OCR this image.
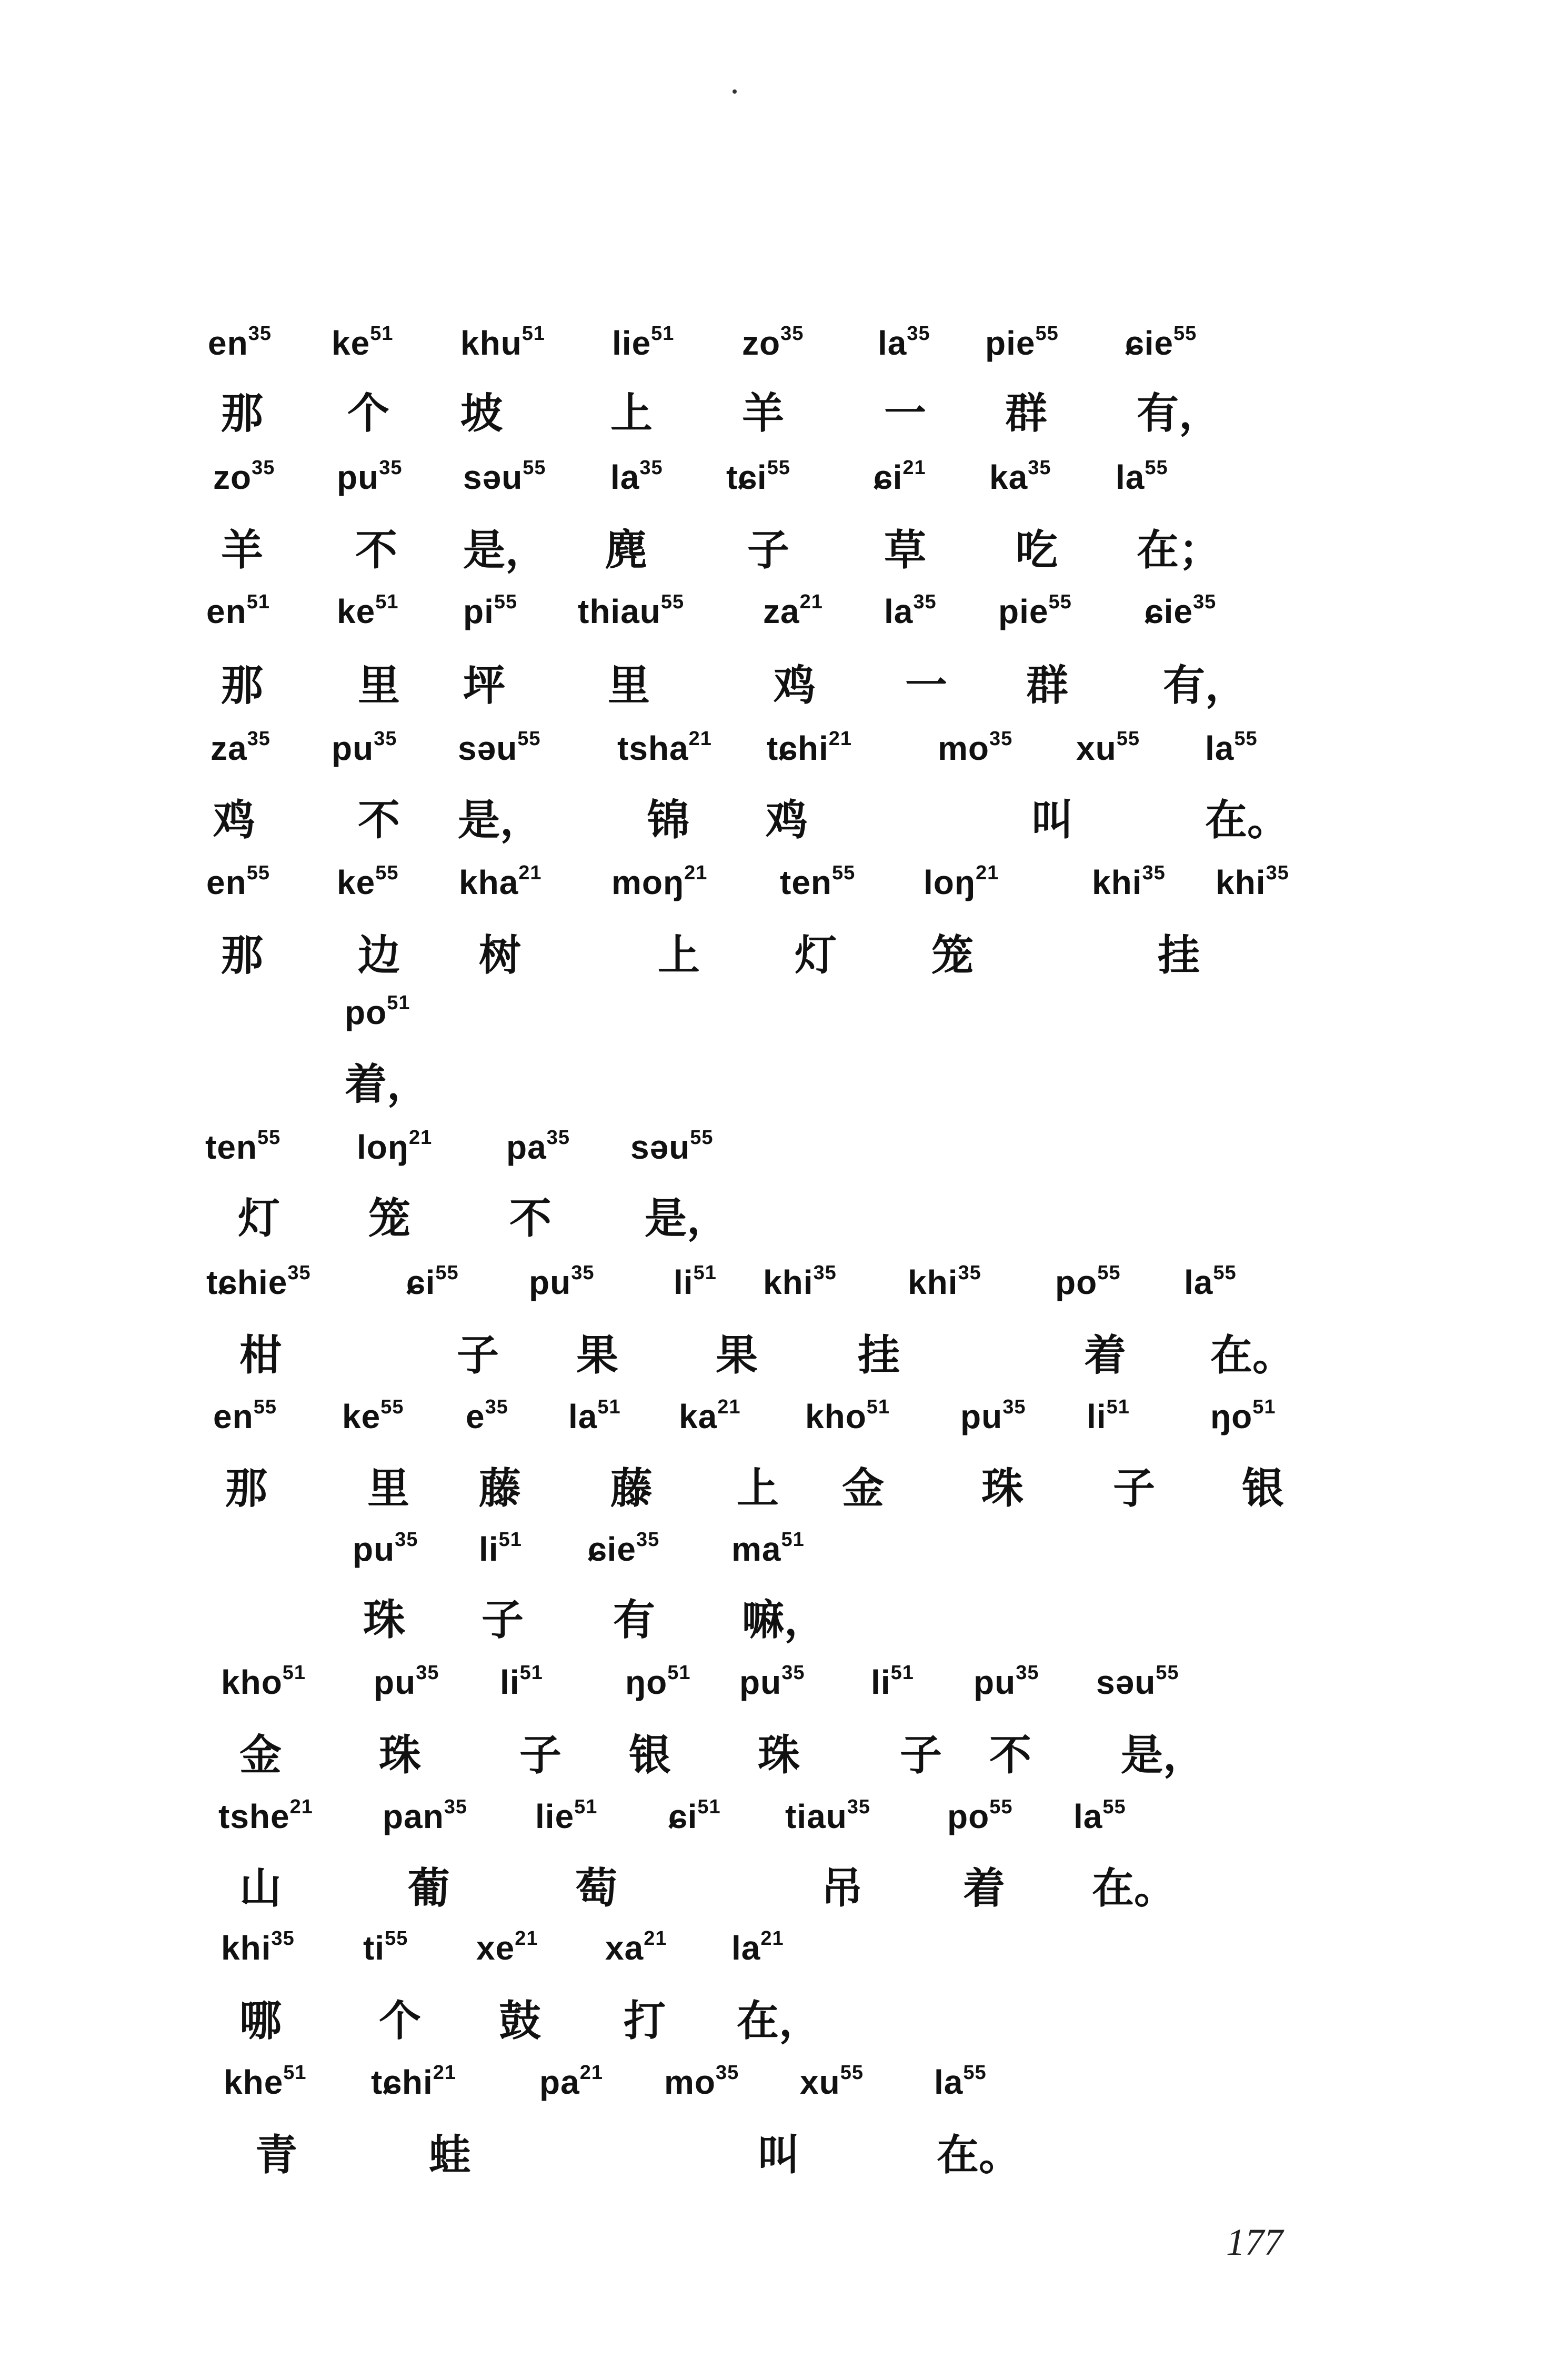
$en^{35}$ $ke^{51}$ khu$^{51}$ lie$^{51}$ $zo^{35}$ $la^{35}$ pie$^{55}$ ɕie$^{55}$
那 个 坡	上 羊 一 群 有，
$zo^{35}$ $pu^{35}$ səu$^{55}$ $la^{35}$ tɕi$^{55}$ ɕi$^{21}$ $ka^{35}$ $la^{55}$
羊 不 是， 麂 子 草 吃 在；
$en^{51}$ $ke^{51}$ $pi^{55}$ thiau$^{55}$ $za^{21}$ $la^{35}$ pie$^{55}$ ɕie$^{35}$
那 里 坪 里	鸡 一 群 有，
$za^{35}$ $pu^{35}$ səu$^{55}$ tsha$^{21}$ tɕhi$^{21}$	$mo^{35}$ $xu^{55}$ $la^{55}$
鸡 不 是，	锦 鸡	叫	在。
$en^{55}$ $ke^{55}$ kha$^{21}$ moŋ$^{21}$ ten$^{55}$ loŋ$^{21}$	khi$^{35}$ khi$^{35}$
那 边 树	上 灯 笼	挂
$po^{51}$
着，
ten$^{55}$ loŋ$^{21}$ $pa^{35}$ səu$^{55}$
灯 笼 不 是，
tɕhie$^{35}$	ɕi$^{55}$ $pu^{35}$ $li^{51}$ khi$^{35}$ khi$^{35}$ $po^{55}$ $la^{55}$
柑	子 果 果 挂	着 在。
$en^{55}$ $ke^{55}$ $e^{35}$ $la^{51}$ $ka^{21}$ kho$^{51}$ $pu^{35}$ $li^{51}$ $ŋo^{51}$
那 里 藤 藤 上 金 珠 子 银
$pu^{35}$ $li^{51}$ ɕie$^{35}$ $ma^{51}$
珠 子 有 嘛，
kho$^{51}$ $pu^{35}$ $li^{51}$ $ŋo^{51}$ $pu^{35}$ $li^{51}$ $pu^{35}$ səu$^{55}$
金 珠 子 银 珠 子 不 是，
tshe$^{21}$ pan$^{35}$ lie$^{51}$ ɕi$^{51}$ tiau$^{35}$ $po^{55}$ $la^{55}$
山	葡	萄	吊 着 在。
khi$^{35}$ $ti^{55}$ $xe^{21}$ $xa^{21}$ $la^{21}$
哪 个 鼓 打 在，
khe$^{51}$ tɕhi$^{21}$ $pa^{21}$ $mo^{35}$ $xu^{55}$ $la^{55}$
青	蛙	叫	在。
177
